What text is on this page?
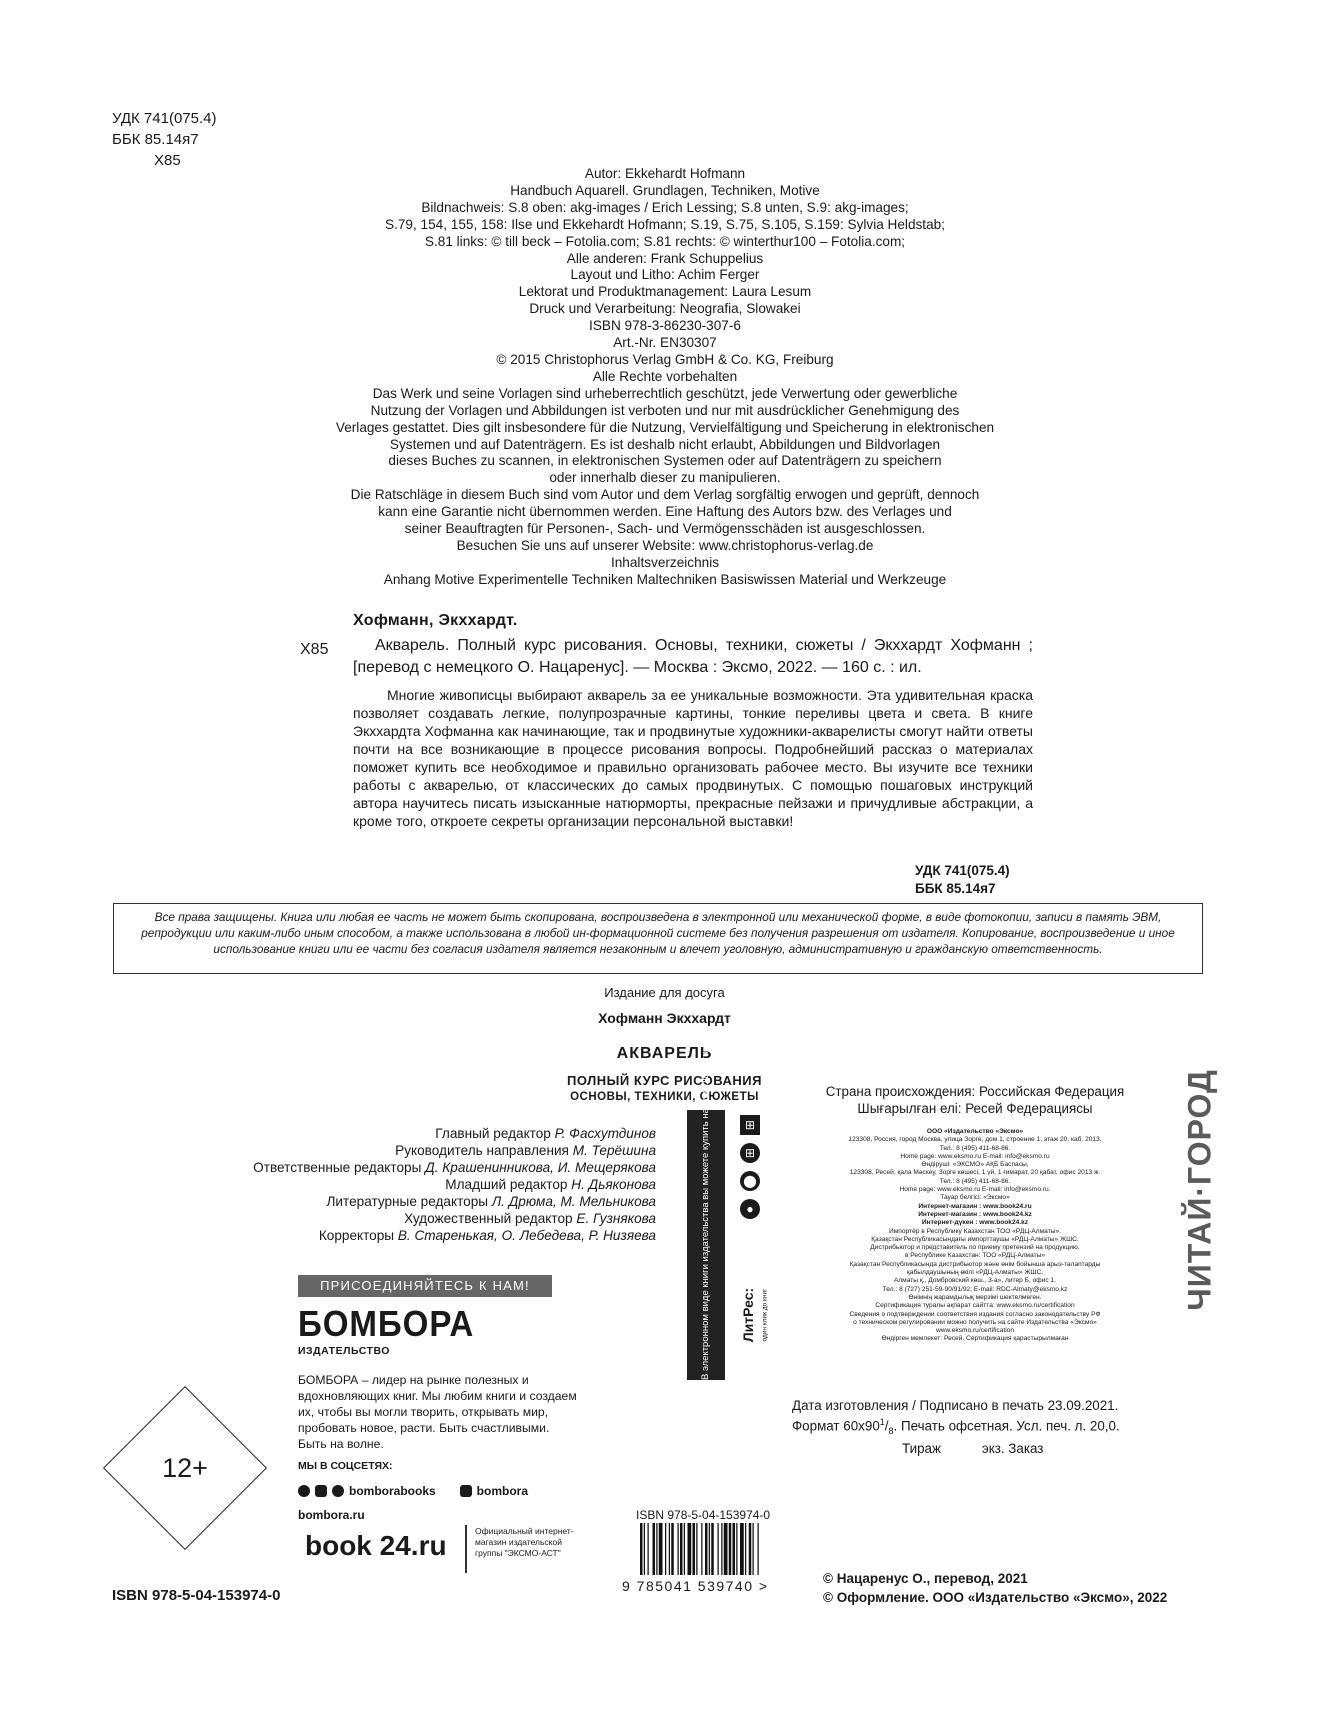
УДК 741(075.4)
ББК 85.14я7
Х85
Autor: Ekkehardt Hofmann
Handbuch Aquarell. Grundlagen, Techniken, Motive
Bildnachweis: S.8 oben: akg-images / Erich Lessing; S.8 unten, S.9: akg-images;
S.79, 154, 155, 158: Ilse und Ekkehardt Hofmann; S.19, S.75, S.105, S.159: Sylvia Heldstab;
S.81 links: © till beck – Fotolia.com; S.81 rechts: © winterthur100 – Fotolia.com;
Alle anderen: Frank Schuppelius
Layout und Litho: Achim Ferger
Lektorat und Produktmanagement: Laura Lesum
Druck und Verarbeitung: Neografia, Slowakei
ISBN 978-3-86230-307-6
Art.-Nr. EN30307
© 2015 Christophorus Verlag GmbH & Co. KG, Freiburg
Alle Rechte vorbehalten
Das Werk und seine Vorlagen sind urheberrechtlich geschützt, jede Verwertung oder gewerbliche
Nutzung der Vorlagen und Abbildungen ist verboten und nur mit ausdrücklicher Genehmigung des
Verlages gestattet. Dies gilt insbesondere für die Nutzung, Vervielfältigung und Speicherung in elektronischen
Systemen und auf Datenträgern. Es ist deshalb nicht erlaubt, Abbildungen und Bildvorlagen
dieses Buches zu scannen, in elektronischen Systemen oder auf Datenträgern zu speichern
oder innerhalb dieser zu manipulieren.
Die Ratschläge in diesem Buch sind vom Autor und dem Verlag sorgfältig erwogen und geprüft, dennoch
kann eine Garantie nicht übernommen werden. Eine Haftung des Autors bzw. des Verlages und
seiner Beauftragten für Personen-, Sach- und Vermögensschäden ist ausgeschlossen.
Besuchen Sie uns auf unserer Website: www.christophorus-verlag.de
Inhaltsverzeichnis
Anhang Motive Experimentelle Techniken Maltechniken Basiswissen Material und Werkzeuge
Хофманн, Экххардт.
Х85	Акварель. Полный курс рисования. Основы, техники, сюжеты / Экххардт Хофманн ; [перевод с немецкого О. Нацаренус]. — Москва : Эксмо, 2022. — 160 с. : ил.
Многие живописцы выбирают акварель за ее уникальные возможности. Эта удивительная краска позволяет создавать легкие, полупрозрачные картины, тонкие переливы цвета и света. В книге Экххардта Хофманна как начинающие, так и продвинутые художники-акварелисты смогут найти ответы почти на все возникающие в процессе рисования вопросы. Подробнейший рассказ о материалах поможет купить все необходимое и правильно организовать рабочее место. Вы изучите все техники работы с акварелью, от классических до самых продвинутых. С помощью пошаговых инструкций автора научитесь писать изысканные натюрморты, прекрасные пейзажи и причудливые абстракции, а кроме того, откроете секреты организации персональной выставки!
УДК 741(075.4)
ББК 85.14я7
Все права защищены. Книга или любая ее часть не может быть скопирована, воспроизведена в электронной или механической форме, в виде фотокопии, записи в память ЭВМ, репродукции или каким-либо иным способом, а также использована в любой ин-формационной системе без получения разрешения от издателя. Копирование, воспроизведение и иное использование книги или ее части без согласия издателя является незаконным и влечет уголовную, административную и гражданскую ответственность.
Издание для досуга
Хофманн Экххардт
АКВАРЕЛЬ
ПОЛНЫЙ КУРС РИСОВАНИЯ
ОСНОВЫ, ТЕХНИКИ, СЮЖЕТЫ
Главный редактор Р. Фасхутдинов
Руководитель направления М. Терёшина
Ответственные редакторы Д. Крашенинникова, И. Мещерякова
Младший редактор Н. Дьяконова
Литературные редакторы Л. Дрюма, М. Мельникова
Художественный редактор Е. Гузнякова
Корректоры В. Старенькая, О. Лебедева, Р. Низяева
ПРИСОЕДИНЯЙТЕСЬ К НАМ!
БОМБОРА
ИЗДАТЕЛЬСТВО
БОМБОРА – лидер на рынке полезных и вдохновляющих книг. Мы любим книги и создаем их, чтобы вы могли творить, открывать мир, пробовать новое, расти. Быть счастливыми. Быть на волне.
МЫ В СОЦСЕТЯХ:
bomborabooks	bombora
bombora.ru
12+
book 24.ru	Официальный интернет-магазин издательской группы "ЭКСМО-АСТ"
В электронном виде книги издательства вы можете купить на www.litres.ru	⊞
⊞
⬤
●
ЛитРес: один клик до книг
Страна происхождения: Российская Федерация
Шығарылған елі: Ресей Федерациясы
ООО «Издательство «Эксмо»
123308, Россия, город Москва, улица Зорге, дом 1, строение 1, этаж 20, каб. 2013.
Тел.: 8 (495) 411-68-86.
Home page: www.eksmo.ru E-mail: info@eksmo.ru
Өндіруші: «ЭКСМО» АҚБ Баспасы,
123308, Ресей, қала Мәскеу, Зорге көшесі, 1 үй, 1 ғимарат, 20 қабат, офис 2013 ж.
Тел.: 8 (495) 411-68-86.
Home page: www.eksmo.ru E-mail: info@eksmo.ru.
Тауар белгісі: «Эксмо»
Интернет-магазин : www.book24.ru
Интернет-магазин : www.book24.kz
Интернет-дүкен : www.book24.kz
Импортёр в Республику Казахстан ТОО «РДЦ-Алматы».
Қазақстан Республикасындағы импорттаушы «РДЦ-Алматы» ЖШС.
Дистрибьютор и представитель по приему претензий на продукцию,
в Республике Казахстан: ТОО «РДЦ-Алматы»
Қазақстан Республикасында дистрибьютор және өнім бойынша арыз-талаптарды
қабылдаушының өкілі «РДЦ-Алматы» ЖШС,
Алматы қ., Домбровский көш., 3-а», литер Б, офис 1.
Тел.: 8 (727) 251-59-90/91/92; E-mail: RDC-Almaty@eksmo.kz
Өнімнің жарамдылық мерзімі шектелмеген.
Сертификация туралы ақпарат сайтта: www.eksmo.ru/certification
Сведения о подтверждении соответствия издания согласно законодательству РФ
о техническом регулировании можно получить на сайте Издательства «Эксмо»
www.eksmo.ru/certification
Өндірген мемлекет: Ресей. Сертификация қарастырылмаған
ЧИТАЙ·ГОРОД
Дата изготовления / Подписано в печать 23.09.2021.
Формат $60x90^1/_8$. Печать офсетная. Усл. печ. л. 20,0.
Тираж	экз. Заказ
ISBN 978-5-04-153974-0
9 785041 539740 >	© Нацаренус О., перевод, 2021
© Оформление. ООО «Издательство «Эксмо», 2022
ISBN 978-5-04-153974-0
